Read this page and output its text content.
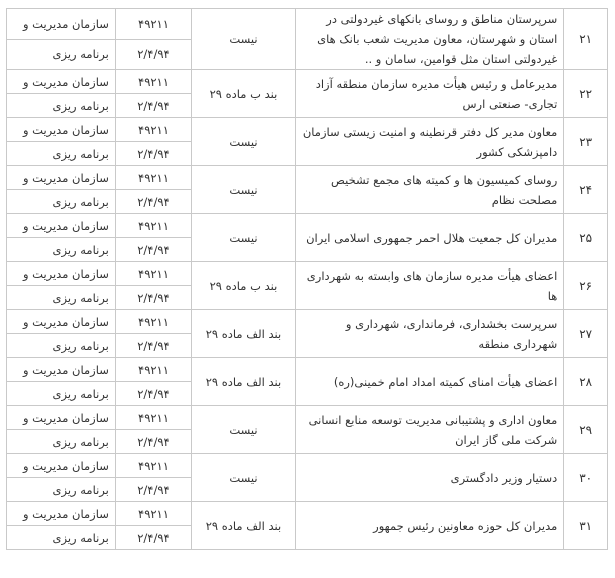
۲۱	سرپرستان مناطق و روسای بانکهای غیردولتی در استان و شهرستان، معاون مدیریت شعب بانک های غیردولتی استان مثل قوامین، سامان و ..	نیست	۴۹۲۱۱	سازمان مدیریت و
			۲/۴/۹۴	برنامه ریزی
۲۲	مدیرعامل و رئیس هیأت مدیره سازمان منطقه آزاد تجاری- صنعتی ارس	بند ب ماده ۲۹	۴۹۲۱۱	سازمان مدیریت و
			۲/۴/۹۴	برنامه ریزی
۲۳	معاون مدیر کل دفتر قرنطینه و امنیت زیستی سازمان دامپزشکی کشور	نیست	۴۹۲۱۱	سازمان مدیریت و
			۲/۴/۹۴	برنامه ریزی
۲۴	روسای کمیسیون ها و کمیته های مجمع تشخیص مصلحت نظام	نیست	۴۹۲۱۱	سازمان مدیریت و
			۲/۴/۹۴	برنامه ریزی
۲۵	مدیران کل جمعیت هلال احمر جمهوری اسلامی ایران	نیست	۴۹۲۱۱	سازمان مدیریت و
			۲/۴/۹۴	برنامه ریزی
۲۶	اعضای هیأت مدیره سازمان های وابسته به شهرداری ها	بند ب ماده ۲۹	۴۹۲۱۱	سازمان مدیریت و
			۲/۴/۹۴	برنامه ریزی
۲۷	سرپرست بخشداری، فرمانداری، شهرداری و شهرداری منطقه	بند الف ماده ۲۹	۴۹۲۱۱	سازمان مدیریت و
			۲/۴/۹۴	برنامه ریزی
۲۸	اعضای هیأت امنای کمیته امداد امام خمینی(ره)	بند الف ماده ۲۹	۴۹۲۱۱	سازمان مدیریت و
			۲/۴/۹۴	برنامه ریزی
۲۹	معاون اداری و پشتیبانی مدیریت توسعه منابع انسانی شرکت ملی گاز ایران	نیست	۴۹۲۱۱	سازمان مدیریت و
			۲/۴/۹۴	برنامه ریزی
۳۰	دستیار وزیر دادگستری	نیست	۴۹۲۱۱	سازمان مدیریت و
			۲/۴/۹۴	برنامه ریزی
۳۱	مدیران کل حوزه معاونین رئیس جمهور	بند الف ماده ۲۹	۴۹۲۱۱	سازمان مدیریت و
			۲/۴/۹۴	برنامه ریزی
